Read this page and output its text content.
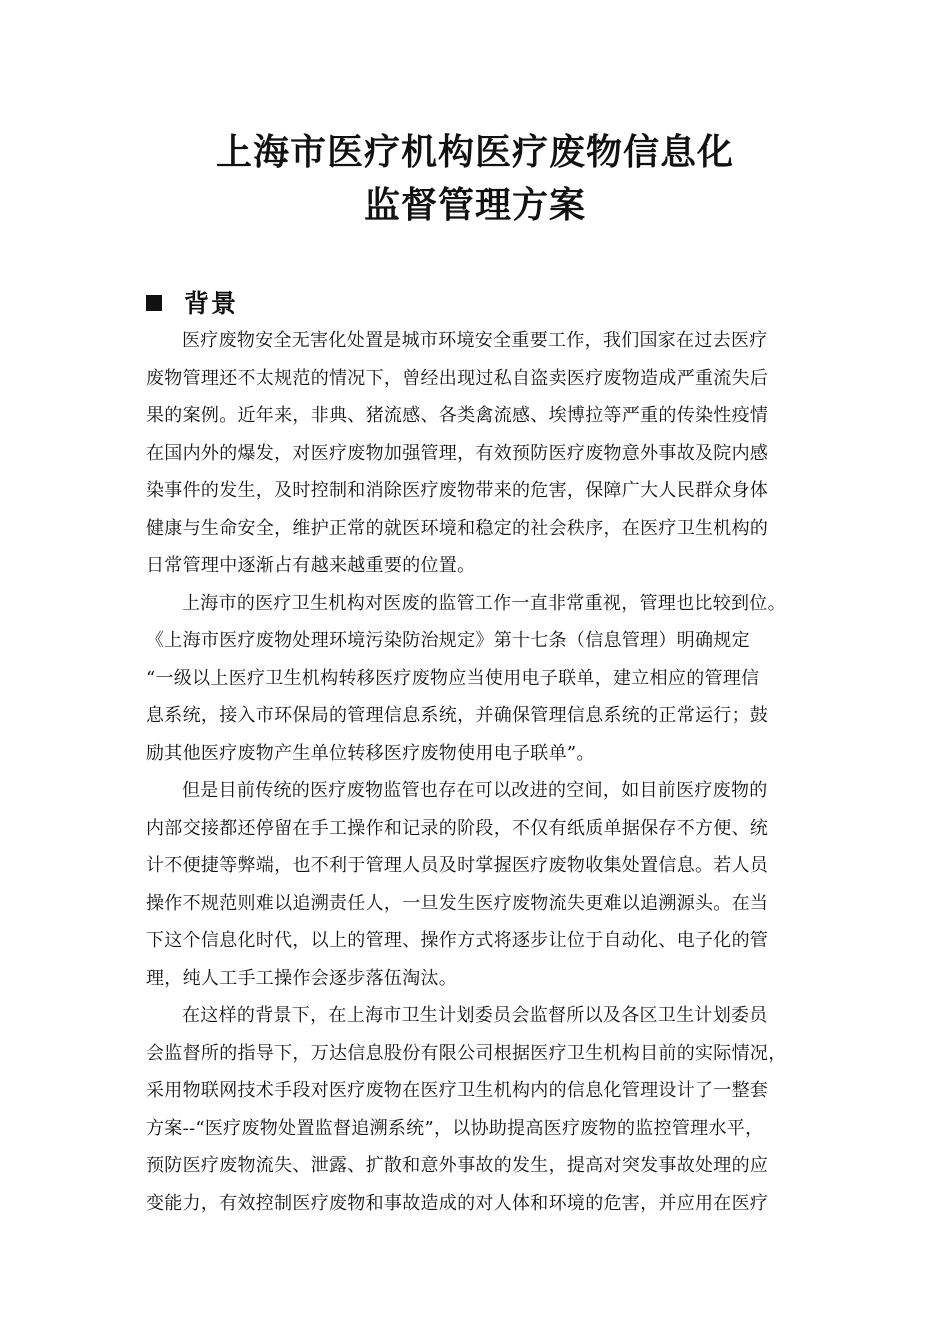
上海市医疗机构医疗废物信息化
监督管理方案
背景
医疗废物安全无害化处置是城市环境安全重要工作，我们国家在过去医疗
废物管理还不太规范的情况下，曾经出现过私自盗卖医疗废物造成严重流失后
果的案例。近年来，非典、猪流感、各类禽流感、埃博拉等严重的传染性疫情
在国内外的爆发，对医疗废物加强管理，有效预防医疗废物意外事故及院内感
染事件的发生，及时控制和消除医疗废物带来的危害，保障广大人民群众身体
健康与生命安全，维护正常的就医环境和稳定的社会秩序，在医疗卫生机构的
日常管理中逐渐占有越来越重要的位置。
上海市的医疗卫生机构对医废的监管工作一直非常重视，管理也比较到位。
《上海市医疗废物处理环境污染防治规定》第十七条（信息管理）明确规定
“一级以上医疗卫生机构转移医疗废物应当使用电子联单，建立相应的管理信
息系统，接入市环保局的管理信息系统，并确保管理信息系统的正常运行；鼓
励其他医疗废物产生单位转移医疗废物使用电子联单”。
但是目前传统的医疗废物监管也存在可以改进的空间，如目前医疗废物的
内部交接都还停留在手工操作和记录的阶段，不仅有纸质单据保存不方便、统
计不便捷等弊端，也不利于管理人员及时掌握医疗废物收集处置信息。若人员
操作不规范则难以追溯责任人，一旦发生医疗废物流失更难以追溯源头。在当
下这个信息化时代，以上的管理、操作方式将逐步让位于自动化、电子化的管
理，纯人工手工操作会逐步落伍淘汰。
在这样的背景下，在上海市卫生计划委员会监督所以及各区卫生计划委员
会监督所的指导下，万达信息股份有限公司根据医疗卫生机构目前的实际情况，
采用物联网技术手段对医疗废物在医疗卫生机构内的信息化管理设计了一整套
方案--“医疗废物处置监督追溯系统”，以协助提高医疗废物的监控管理水平，
预防医疗废物流失、泄露、扩散和意外事故的发生，提高对突发事故处理的应
变能力，有效控制医疗废物和事故造成的对人体和环境的危害，并应用在医疗
